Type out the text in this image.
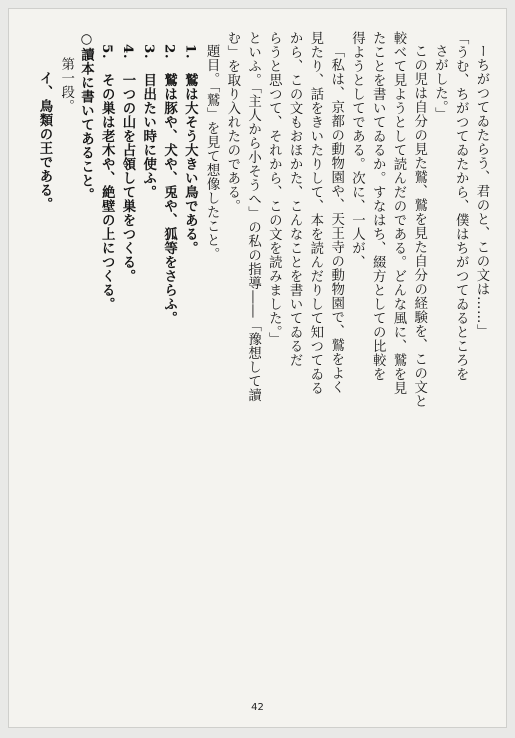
ーちがつてゐたらう、君のと、この文は……」
「うむ、ちがつてゐたから、僕はちがつてゐるところを
さがした。」
この児は自分の見た鷲、鷲を見た自分の経験を、この文と
較べて見ようとして読んだのである。どんな風に、鷲を見
たことを書いてゐるか。すなはち、綴方としての比較を
得ようとしてである。次に、一人が、
「私は、京都の動物園や、天王寺の動物園で、鷲をよく
見たり、話をきいたりして、本を読んだりして知つてゐる
から、この文もおほかた、こんなことを書いてゐるだ
らうと思つて、それから、この文を読みました。」
といふ。「主人から小そうへ」の私の指導――「豫想して讀
む」を取り入れたのである。
題目。「鷲」を見て想像したこと。
1.　鷲は大そう大きい鳥である。
2.　鷲は豚や、犬や、兎や、狐等をさらふ。
3.　目出たい時に使ふ。
4.　一つの山を占領して巣をつくる。
5.　その巣は老木や、絶壁の上につくる。
○讀本に書いてあること。
第一段。
イ、鳥類の王である。

42
